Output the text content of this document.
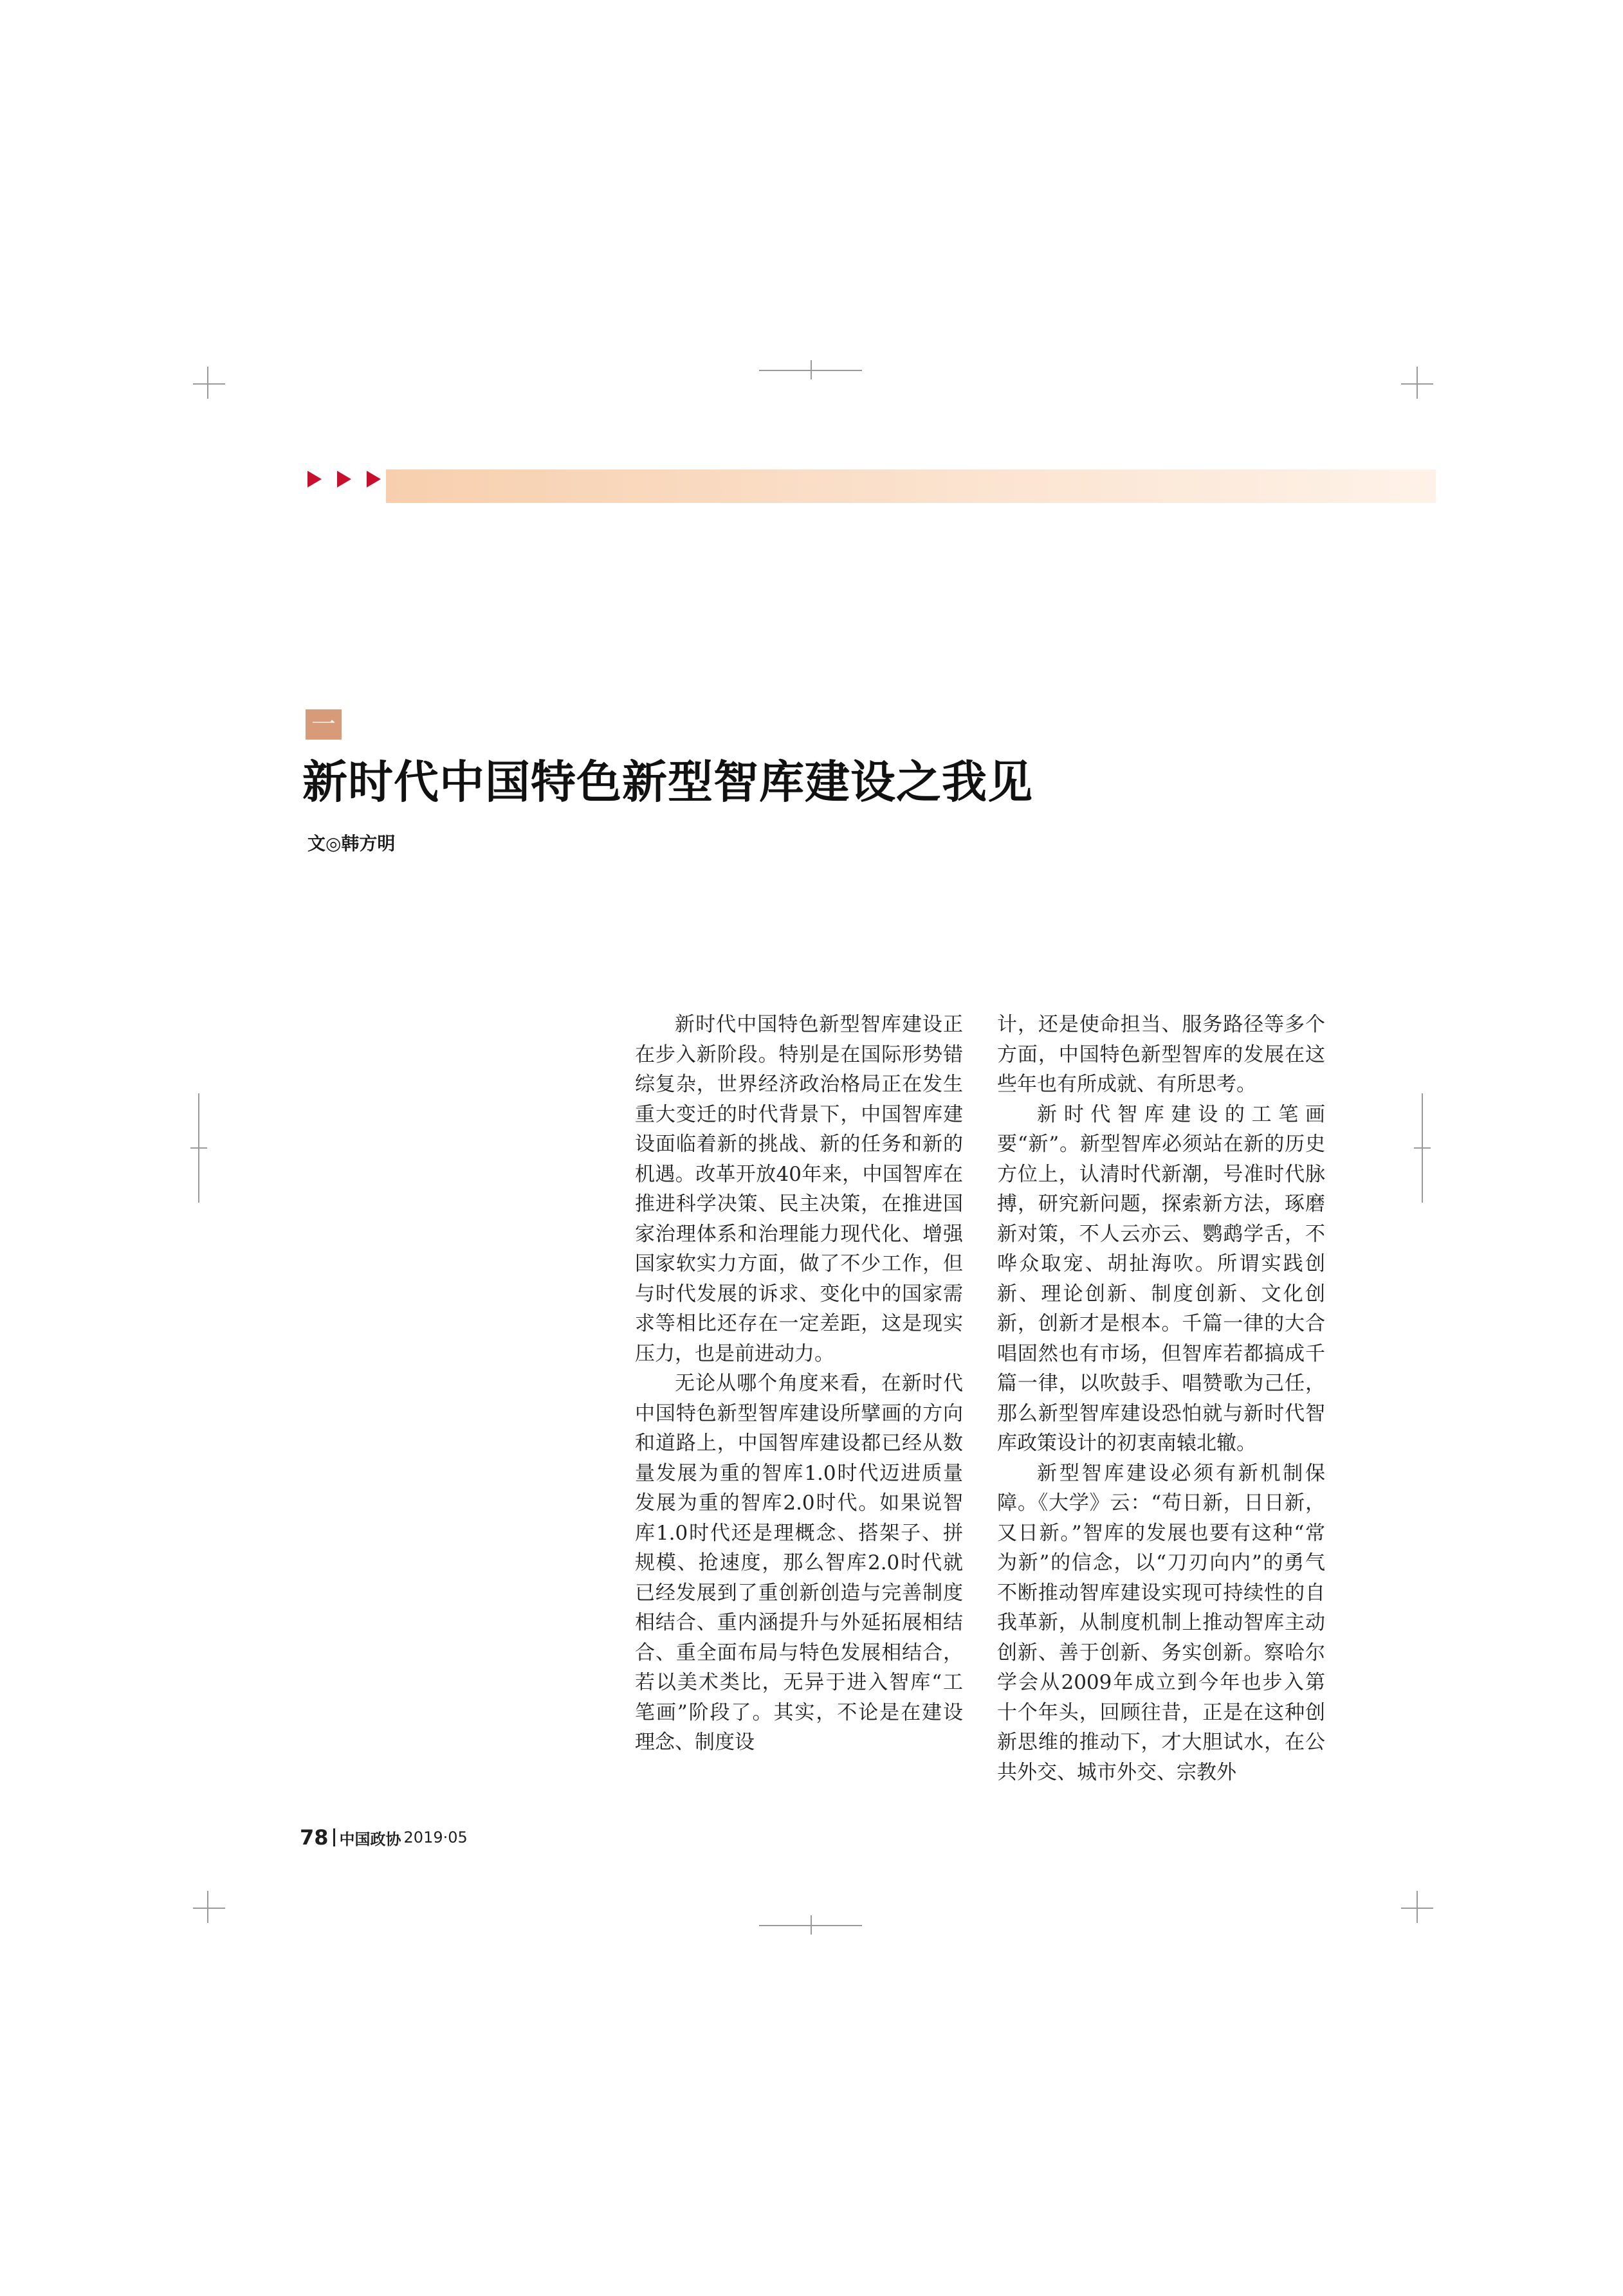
一
新时代中国特色新型智库建设之我见

文◎韩方明

新时代中国特色新型智库建设正在步入新阶段。特别是在国际形势错综复杂，世界经济政治格局正在发生重大变迁的时代背景下，中国智库建设面临着新的挑战、新的任务和新的机遇。改革开放40年来，中国智库在推进科学决策、民主决策，在推进国家治理体系和治理能力现代化、增强国家软实力方面，做了不少工作，但与时代发展的诉求、变化中的国家需求等相比还存在一定差距，这是现实压力，也是前进动力。

无论从哪个角度来看，在新时代中国特色新型智库建设所擘画的方向和道路上，中国智库建设都已经从数量发展为重的智库1.0时代迈进质量发展为重的智库2.0时代。如果说智库1.0时代还是理概念、搭架子、拼规模、抢速度，那么智库2.0时代就已经发展到了重创新创造与完善制度相结合、重内涵提升与外延拓展相结合、重全面布局与特色发展相结合，若以美术类比，无异于进入智库“工笔画”阶段了。其实，不论是在建设理念、制度设

计，还是使命担当、服务路径等多个方面，中国特色新型智库的发展在这些年也有所成就、有所思考。

新时代智库建设的工笔画要“新”。新型智库必须站在新的历史方位上，认清时代新潮，号准时代脉搏，研究新问题，探索新方法，琢磨新对策，不人云亦云、鹦鹉学舌，不哗众取宠、胡扯海吹。所谓实践创新、理论创新、制度创新、文化创新，创新才是根本。千篇一律的大合唱固然也有市场，但智库若都搞成千篇一律，以吹鼓手、唱赞歌为己任，那么新型智库建设恐怕就与新时代智库政策设计的初衷南辕北辙。

新型智库建设必须有新机制保障。《大学》云：“苟日新，日日新，又日新。”智库的发展也要有这种“常为新”的信念，以“刀刃向内”的勇气不断推动智库建设实现可持续性的自我革新，从制度机制上推动智库主动创新、善于创新、务实创新。察哈尔学会从2009年成立到今年也步入第十个年头，回顾往昔，正是在这种创新思维的推动下，才大胆试水，在公共外交、城市外交、宗教外

78 中国政协 2019·05
